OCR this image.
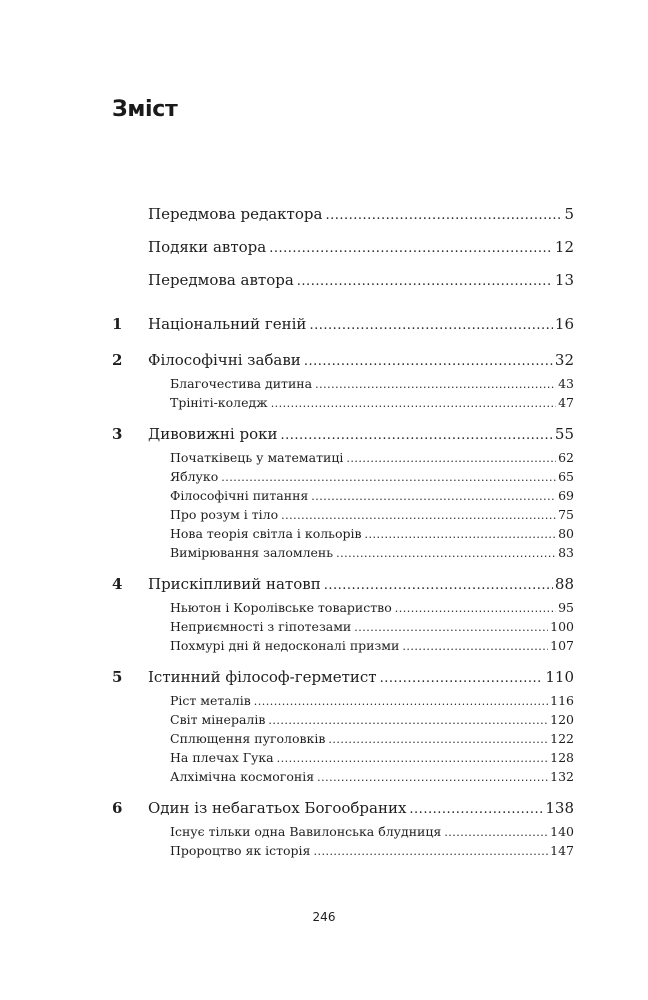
Зміст
Передмова редактора .....	5
Подяки автора .....	12
Передмова автора .....	13
1	Національний геній .....	16
2	Філософічні забави .....	32
Благочестива дитина .....	43
Трініті-коледж .....	47
3	Дивовижні роки .....	55
Початківець у математиці .....	62
Яблуко .....	65
Філософічні питання .....	69
Про розум і тіло .....	75
Нова теорія світла і кольорів .....	80
Вимірювання заломлень .....	83
4	Прискіпливий натовп .....	88
Ньютон і Королівське товариство .....	95
Неприємності з гіпотезами .....	100
Похмурі дні й недосконалі призми .....	107
5	Істинний філософ-герметист .....	110
Ріст металів .....	116
Світ мінералів .....	120
Сплющення пуголовків .....	122
На плечах Гука .....	128
Алхімічна космогонія .....	132
6	Один із небагатьох Богообраних .....	138
Існує тільки одна Вавилонська блудниця .....	140
Пророцтво як історія .....	147
246
